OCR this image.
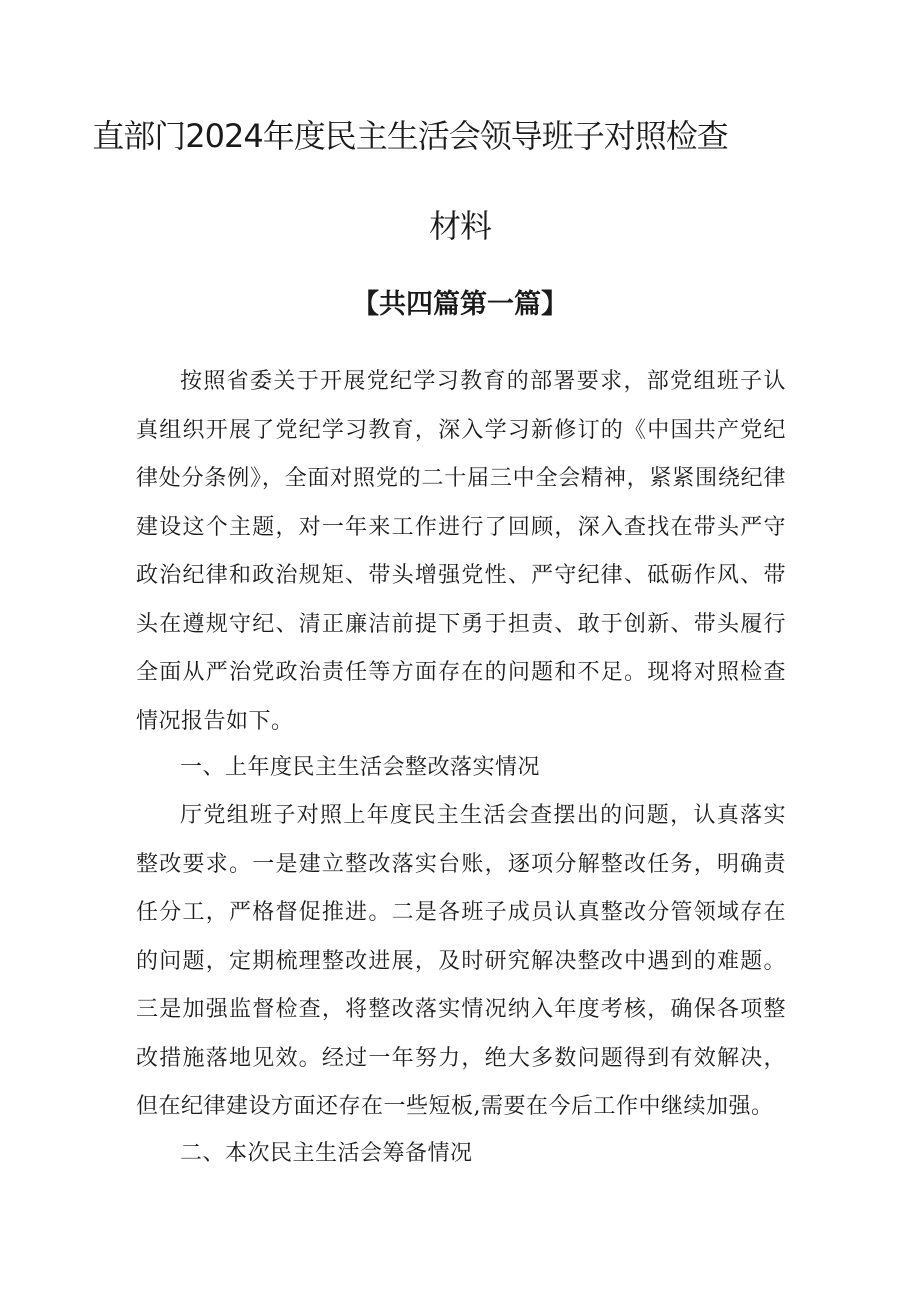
直部门2024年度民主生活会领导班子对照检查
材料
【共四篇第一篇】

按照省委关于开展党纪学习教育的部署要求，部党组班子认真组织开展了党纪学习教育，深入学习新修订的《中国共产党纪律处分条例》，全面对照党的二十届三中全会精神，紧紧围绕纪律建设这个主题，对一年来工作进行了回顾，深入查找在带头严守政治纪律和政治规矩、带头增强党性、严守纪律、砥砺作风、带头在遵规守纪、清正廉洁前提下勇于担责、敢于创新、带头履行全面从严治党政治责任等方面存在的问题和不足。现将对照检查情况报告如下。

一、上年度民主生活会整改落实情况

厅党组班子对照上年度民主生活会查摆出的问题，认真落实整改要求。一是建立整改落实台账，逐项分解整改任务，明确责任分工，严格督促推进。二是各班子成员认真整改分管领域存在的问题，定期梳理整改进展，及时研究解决整改中遇到的难题。三是加强监督检查，将整改落实情况纳入年度考核，确保各项整改措施落地见效。经过一年努力，绝大多数问题得到有效解决，但在纪律建设方面还存在一些短板,需要在今后工作中继续加强。

二、本次民主生活会筹备情况
